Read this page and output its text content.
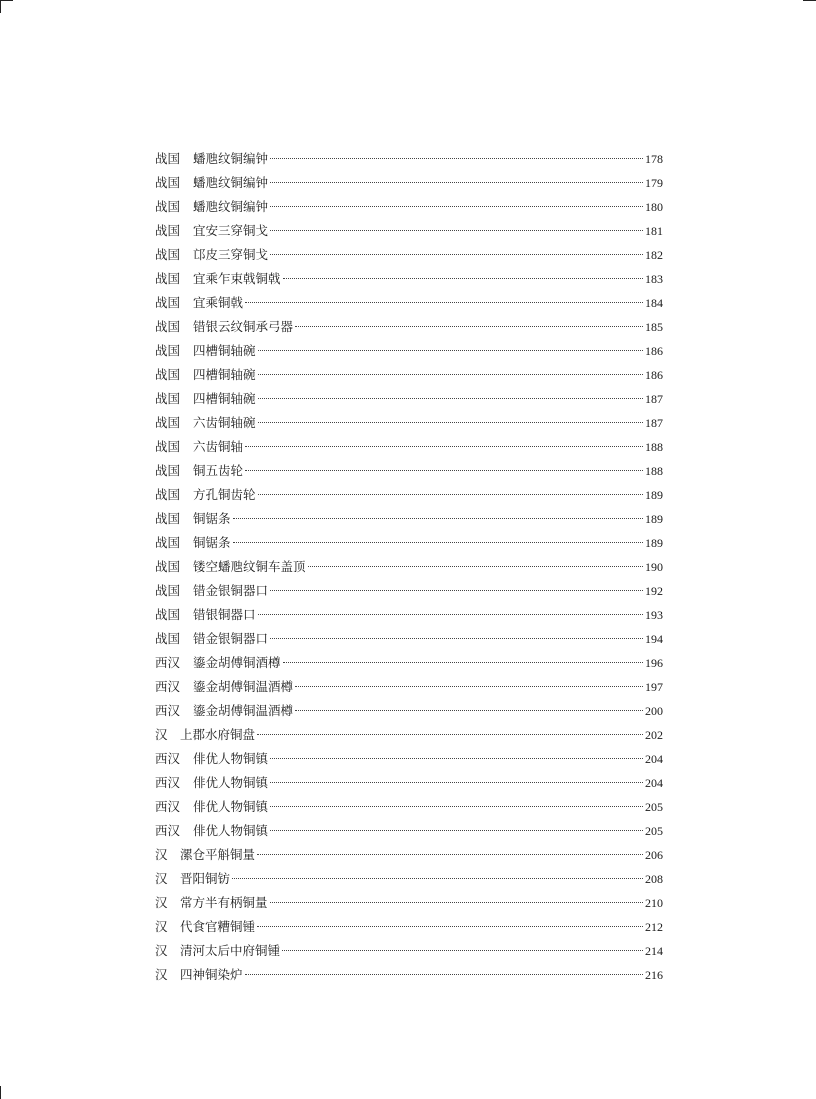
战国	蟠虺纹铜编钟	178
战国	蟠虺纹铜编钟	179
战国	蟠虺纹铜编钟	180
战国	宜安三穿铜戈	181
战国	邙皮三穿铜戈	182
战国	宜乘乍束戟铜戟	183
战国	宜乘铜戟	184
战国	错银云纹铜承弓器	185
战国	四槽铜轴碗	186
战国	四槽铜轴碗	186
战国	四槽铜轴碗	187
战国	六齿铜轴碗	187
战国	六齿铜轴	188
战国	铜五齿轮	188
战国	方孔铜齿轮	189
战国	铜锯条	189
战国	铜锯条	189
战国	镂空蟠虺纹铜车盖顶	190
战国	错金银铜器口	192
战国	错银铜器口	193
战国	错金银铜器口	194
西汉	鎏金胡傅铜酒樽	196
西汉	鎏金胡傅铜温酒樽	197
西汉	鎏金胡傅铜温酒樽	200
汉 上郡水府铜盘	202
西汉	俳优人物铜镇	204
西汉	俳优人物铜镇	204
西汉	俳优人物铜镇	205
西汉	俳优人物铜镇	205
汉 漯仓平斛铜量	206
汉 晋阳铜钫	208
汉 常方半有柄铜量	210
汉 代食官糟铜锺	212
汉 清河太后中府铜锺	214
汉 四神铜染炉	216
